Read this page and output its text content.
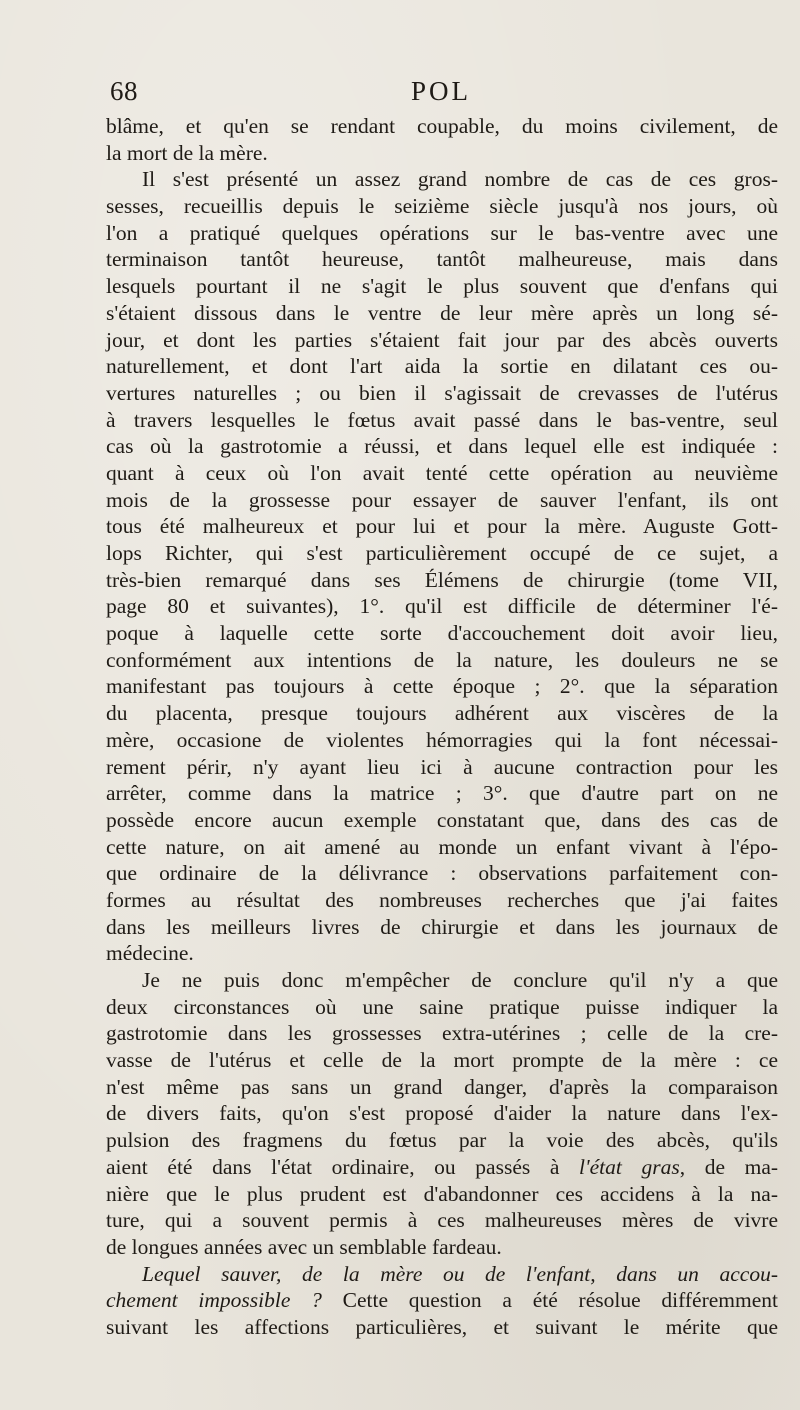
68	POL
blâme, et qu'en se rendant coupable, du moins civilement, de
la mort de la mère.
Il s'est présenté un assez grand nombre de cas de ces gros-
sesses, recueillis depuis le seizième siècle jusqu'à nos jours, où
l'on a pratiqué quelques opérations sur le bas-ventre avec une
terminaison tantôt heureuse, tantôt malheureuse, mais dans
lesquels pourtant il ne s'agit le plus souvent que d'enfans qui
s'étaient dissous dans le ventre de leur mère après un long sé-
jour, et dont les parties s'étaient fait jour par des abcès ouverts
naturellement, et dont l'art aida la sortie en dilatant ces ou-
vertures naturelles ; ou bien il s'agissait de crevasses de l'utérus
à travers lesquelles le fœtus avait passé dans le bas-ventre, seul
cas où la gastrotomie a réussi, et dans lequel elle est indiquée :
quant à ceux où l'on avait tenté cette opération au neuvième
mois de la grossesse pour essayer de sauver l'enfant, ils ont
tous été malheureux et pour lui et pour la mère. Auguste Gott-
lops Richter, qui s'est particulièrement occupé de ce sujet, a
très-bien remarqué dans ses Élémens de chirurgie (tome VII,
page 80 et suivantes), 1°. qu'il est difficile de déterminer l'é-
poque à laquelle cette sorte d'accouchement doit avoir lieu,
conformément aux intentions de la nature, les douleurs ne se
manifestant pas toujours à cette époque ; 2°. que la séparation
du placenta, presque toujours adhérent aux viscères de la
mère, occasione de violentes hémorragies qui la font nécessai-
rement périr, n'y ayant lieu ici à aucune contraction pour les
arrêter, comme dans la matrice ; 3°. que d'autre part on ne
possède encore aucun exemple constatant que, dans des cas de
cette nature, on ait amené au monde un enfant vivant à l'épo-
que ordinaire de la délivrance : observations parfaitement con-
formes au résultat des nombreuses recherches que j'ai faites
dans les meilleurs livres de chirurgie et dans les journaux de
médecine.
Je ne puis donc m'empêcher de conclure qu'il n'y a que
deux circonstances où une saine pratique puisse indiquer la
gastrotomie dans les grossesses extra-utérines ; celle de la cre-
vasse de l'utérus et celle de la mort prompte de la mère : ce
n'est même pas sans un grand danger, d'après la comparaison
de divers faits, qu'on s'est proposé d'aider la nature dans l'ex-
pulsion des fragmens du fœtus par la voie des abcès, qu'ils
aient été dans l'état ordinaire, ou passés à l'état gras, de ma-
nière que le plus prudent est d'abandonner ces accidens à la na-
ture, qui a souvent permis à ces malheureuses mères de vivre
de longues années avec un semblable fardeau.
Lequel sauver, de la mère ou de l'enfant, dans un accou-
chement impossible ? Cette question a été résolue différemment
suivant les affections particulières, et suivant le mérite que
